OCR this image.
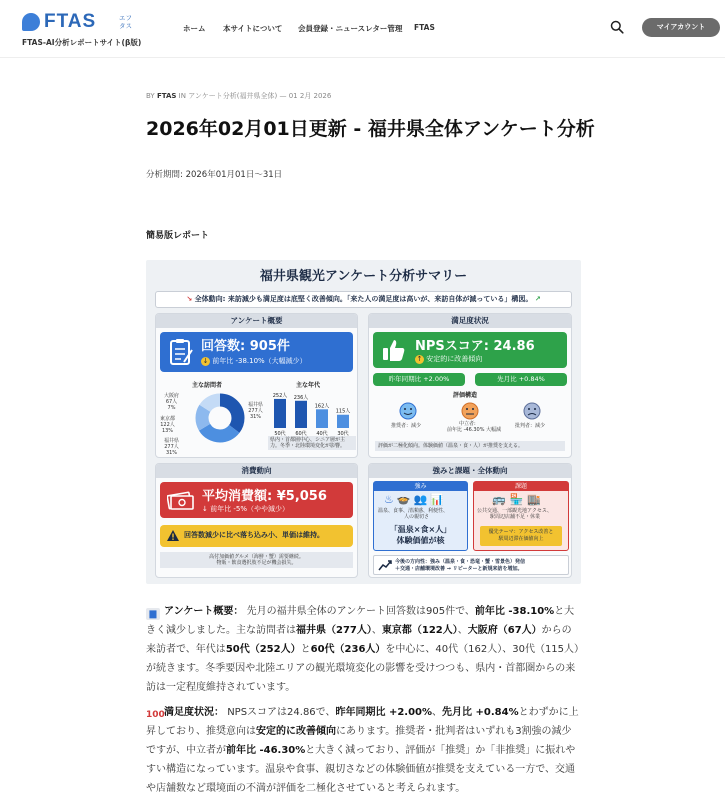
FTAS	エフタス
FTAS-AI分析レポートサイト(β版)
ホーム 本サイトについて 会員登録・ニュースレター管理 FTAS	マイアカウント
BY FTAS IN アンケート分析(福井県全体) — 01 2月 2026
2026年02月01日更新 - 福井県全体アンケート分析
分析期間: 2026年01月01日〜31日
簡易版レポート
福井県観光アンケート分析サマリー
↘ 全体動向: 来訪減少も満足度は底堅く改善傾向。「来た人の満足度は高いが、来訪自体が減っている」構図。 ↗
アンケート概要
回答数: 905件
↓ 前年比 -38.10%（大幅減少）
主な訪問者
大阪府
67人
7%
東京都
122人
13%
福井県
277人
31%
福井県
277人
31%
主な年代
252人
50代
236人
60代
162人
40代
115人
30代
県内・首都圏中心、シニア層が主力。冬季・北陸環境変化が影響。
満足度状況
NPSスコア: 24.86
↑ 安定的に改善傾向
昨年同期比 +2.00%	先月比 +0.84%
評価構造
推奨者：減少	中立者:
前年比 -46.30% 大幅減
批判者：減少
評価が二極化傾向。体験価値（温泉・食・人）が推奨を支える。
消費動向
平均消費額: ¥5,056
↓ 前年比 -5%（やや減少）
回答数減少に比べ落ち込み小、単価は維持。
高付加価値グルメ（海鮮・蟹）需要継続。
物販・飲食選択肢不足が機会損失。
強みと課題・全体動向
強み
♨🍲👥📊
温泉、食事、清潔感、利便性、
人の親切さ
「温泉×食×人」
体験価値が核
課題
🚌🏪🏬
公共交通、一部観光地アクセス、
駅周辺店舗不足・休業
優先テーマ：アクセス改善と
駅周辺滞在価値向上
今後の方向性：強み（温泉・食・恐竜・蟹・雪景色）発信
＋交通・店舗環境改善 → リピーターと新規来訪を増加。

▆ アンケート概要： 先月の福井県全体のアンケート回答数は905件で、前年比 -38.10%と大きく減少しました。主な訪問者は福井県（277人）、東京都（122人）、大阪府（67人）からの来訪者で、年代は50代（252人）と60代（236人）を中心に、40代（162人）、30代（115人）が続きます。冬季要因や北陸エリアの観光環境変化の影響を受けつつも、県内・首都圏からの来訪は一定程度維持されています。

100満足度状況： NPSスコアは24.86で、昨年同期比 +2.00%、先月比 +0.84%とわずかに上昇しており、推奨意向は安定的に改善傾向にあります。推奨者・批判者はいずれも3割強の減少ですが、中立者が前年比 -46.30%と大きく減っており、評価が「推奨」か「非推奨」に振れやすい構造になっています。温泉や食事、親切さなどの体験価値が推奨を支えている一方で、交通や店舗数など環境面の不満が評価を二極化させていると考えられます。
